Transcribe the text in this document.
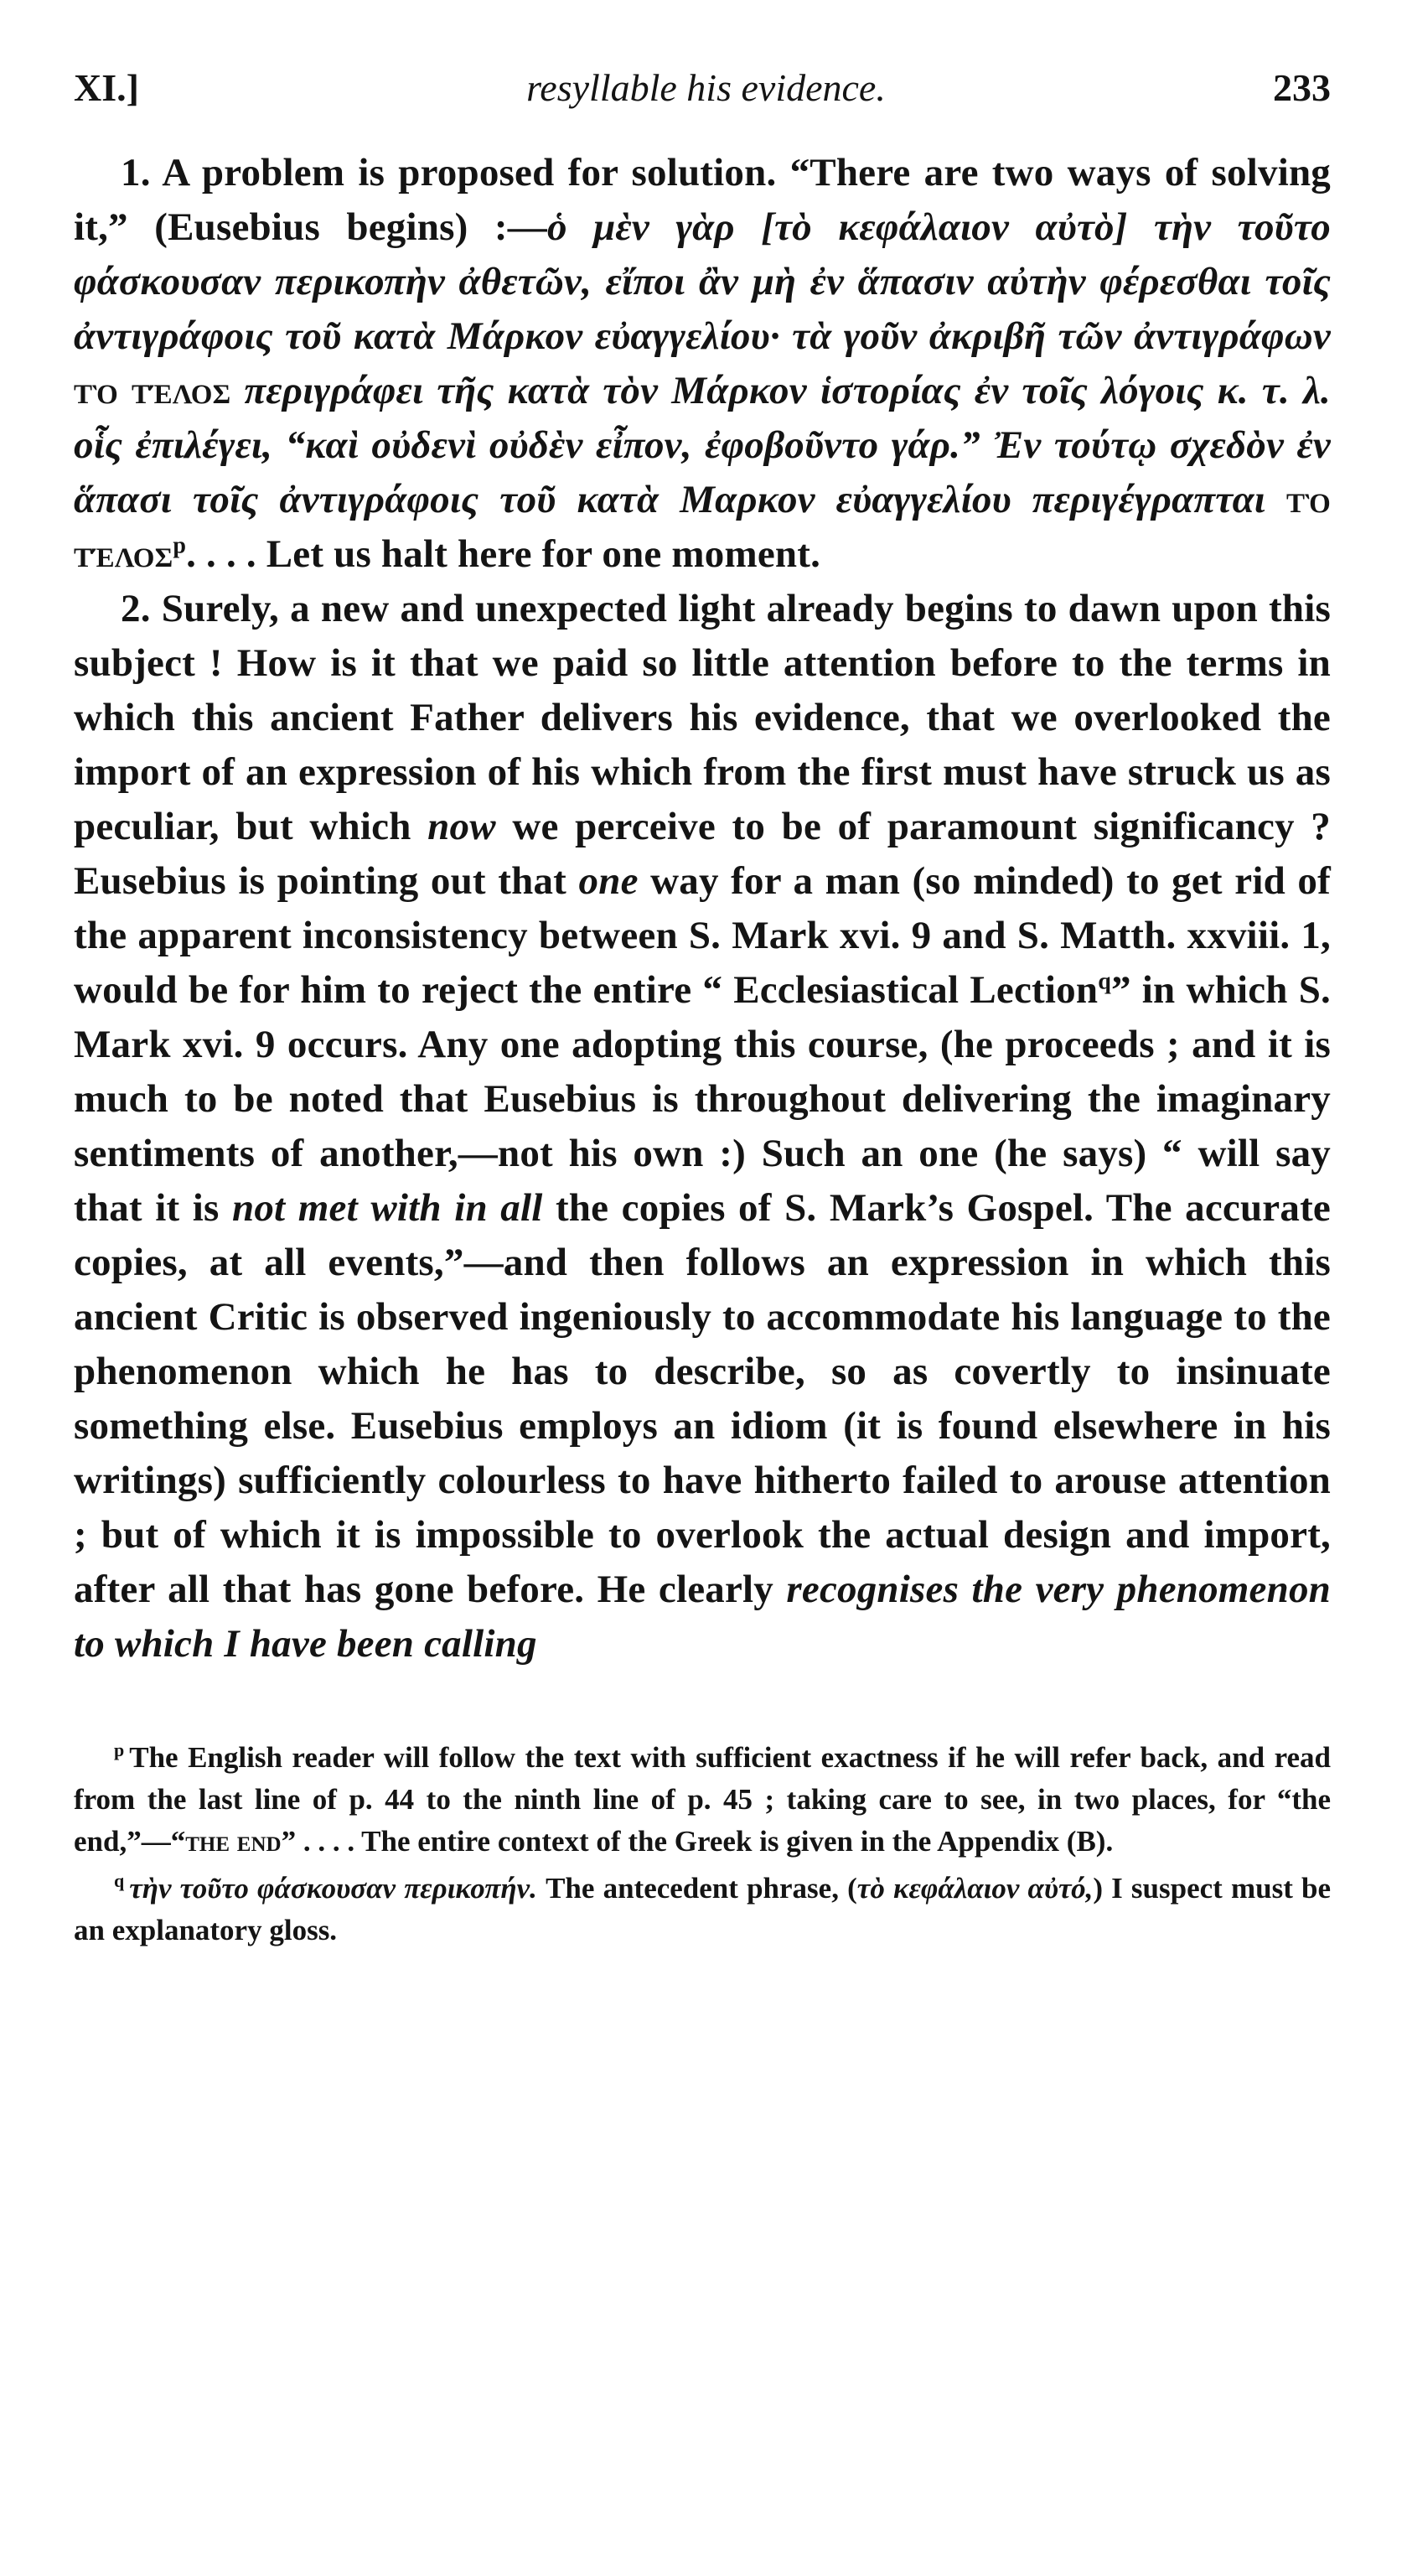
XI.]	resyllable his evidence.	233

1. A problem is proposed for solution. “There are two ways of solving it,” (Eusebius begins) :—ὁ μὲν γὰρ [τὸ κεφάλαιον αὐτὸ] τὴν τοῦτο φάσκουσαν περικοπὴν ἀθετῶν, εἴποι ἂν μὴ ἐν ἅπασιν αὐτὴν φέρεσθαι τοῖς ἀντιγράφοις τοῦ κατὰ Μάρκον εὐαγγελίου· τὰ γοῦν ἀκριβῆ τῶν ἀντιγράφων τὸ τέλος περιγράφει τῆς κατὰ τὸν Μάρκον ἱστορίας ἐν τοῖς λόγοις κ. τ. λ. οἷς ἐπιλέγει, “καὶ οὐδενὶ οὐδὲν εἶπον, ἐφοβοῦντο γάρ.” Ἐν τούτῳ σχεδὸν ἐν ἅπασι τοῖς ἀντιγράφοις τοῦ κατὰ Μαρκον εὐαγγελίου περιγέγραπται τὸ τέλος$^p$. . . . Let us halt here for one moment.

2. Surely, a new and unexpected light already begins to dawn upon this subject ! How is it that we paid so little attention before to the terms in which this ancient Father delivers his evidence, that we overlooked the import of an expression of his which from the first must have struck us as peculiar, but which now we perceive to be of paramount significancy ? Eusebius is pointing out that one way for a man (so minded) to get rid of the apparent inconsistency between S. Mark xvi. 9 and S. Matth. xxviii. 1, would be for him to reject the entire “ Ecclesiastical Lection$^q$” in which S. Mark xvi. 9 occurs. Any one adopting this course, (he proceeds ; and it is much to be noted that Eusebius is throughout delivering the imaginary sentiments of another,—not his own :) Such an one (he says) “ will say that it is not met with in all the copies of S. Mark’s Gospel. The accurate copies, at all events,”—and then follows an expression in which this ancient Critic is observed ingeniously to accommodate his language to the phenomenon which he has to describe, so as covertly to insinuate something else. Eusebius employs an idiom (it is found elsewhere in his writings) sufficiently colourless to have hitherto failed to arouse attention ; but of which it is impossible to overlook the actual design and import, after all that has gone before. He clearly recognises the very phenomenon to which I have been calling

$^p$ The English reader will follow the text with sufficient exactness if he will refer back, and read from the last line of p. 44 to the ninth line of p. 45 ; taking care to see, in two places, for “the end,”—“the end” . . . . The entire context of the Greek is given in the Appendix (B).

$^q$ τὴν τοῦτο φάσκουσαν περικοπήν. The antecedent phrase, (τὸ κεφάλαιον αὐτό,) I suspect must be an explanatory gloss.
